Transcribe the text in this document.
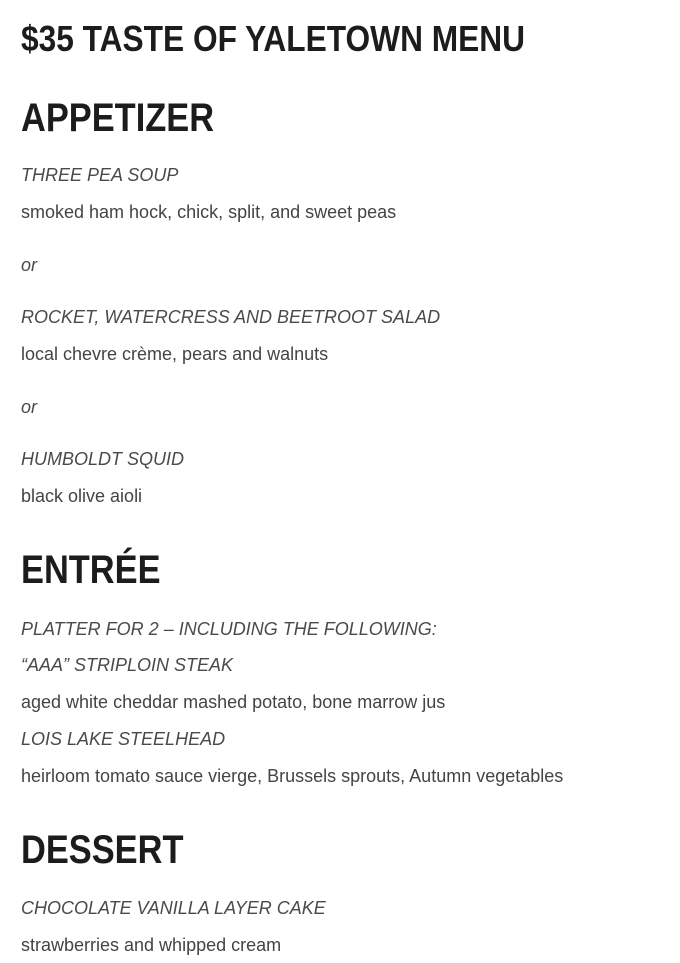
$35 TASTE OF YALETOWN MENU
APPETIZER
THREE PEA SOUP
smoked ham hock, chick, split, and sweet peas
or
ROCKET, WATERCRESS AND BEETROOT SALAD
local chevre crème, pears and walnuts
or
HUMBOLDT SQUID
black olive aioli
ENTRÉE
PLATTER FOR 2 – INCLUDING THE FOLLOWING:
“AAA” STRIPLOIN STEAK
aged white cheddar mashed potato, bone marrow jus
LOIS LAKE STEELHEAD
heirloom tomato sauce vierge, Brussels sprouts, Autumn vegetables
DESSERT
CHOCOLATE VANILLA LAYER CAKE
strawberries and whipped cream
